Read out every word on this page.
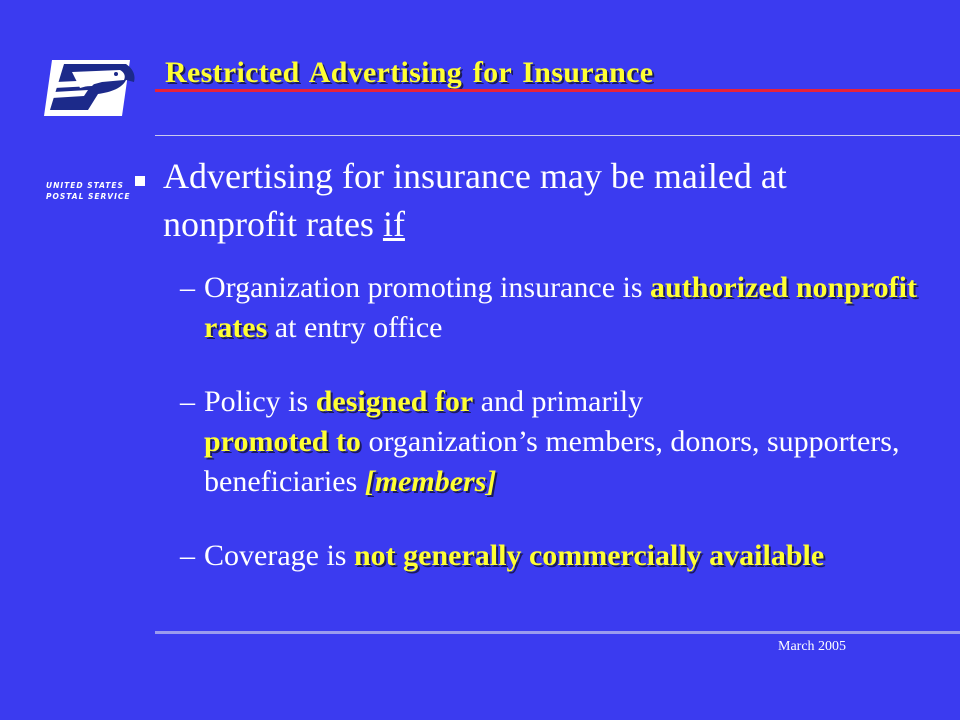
UNITED STATES
POSTAL SERVICE
Restricted Advertising for Insurance
Advertising for insurance may be mailed at nonprofit rates if
– Organization promoting insurance is authorized nonprofit rates at entry office
– Policy is designed for and primarily
promoted to organization’s members, donors, supporters, beneficiaries [members]
– Coverage is not generally commercially available
March 2005
